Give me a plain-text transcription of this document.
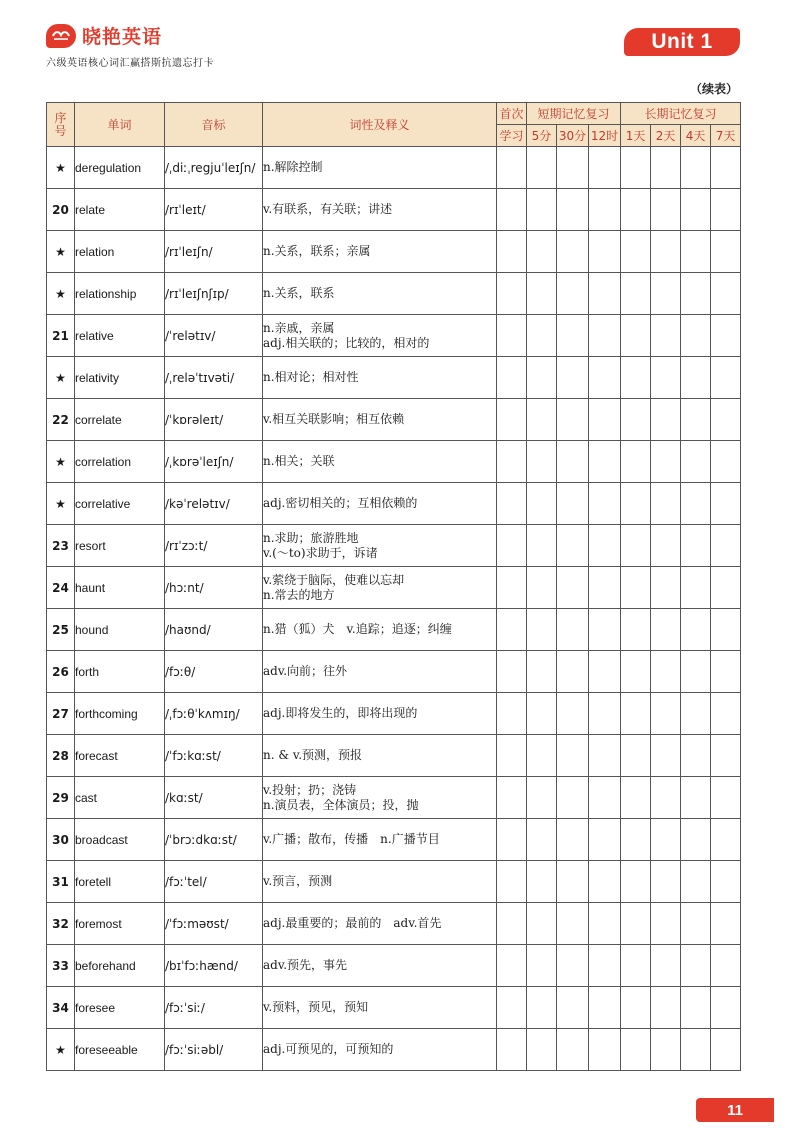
晓艳英语
六级英语核心词汇赢搭斯抗遗忘打卡
Unit 1
（续表）
序
号	单词	音标	词性及释义	首次	短期记忆复习			长期记忆复习			
				学习	5分	30分	12时	1天	2天	4天	7天
★	deregulation	/ˌdiːˌregjuˈleɪʃn/	n.解除控制								

20	relate	/rɪˈleɪt/	v.有联系，有关联；讲述								

★	relation	/rɪˈleɪʃn/	n.关系，联系；亲属								

★	relationship	/rɪˈleɪʃnʃɪp/	n.关系，联系								

21	relative	/ˈrelətɪv/	n.亲戚，亲属
adj.相关联的；比较的，相对的								

★	relativity	/ˌreləˈtɪvəti/	n.相对论；相对性								

22	correlate	/ˈkɒrəleɪt/	v.相互关联影响；相互依赖								

★	correlation	/ˌkɒrəˈleɪʃn/	n.相关；关联								

★	correlative	/kəˈrelətɪv/	adj.密切相关的；互相依赖的								

23	resort	/rɪˈzɔːt/	n.求助；旅游胜地
v.(～to)求助于，诉诸								

24	haunt	/hɔːnt/	v.萦绕于脑际，使难以忘却
n.常去的地方								

25	hound	/haʊnd/	n.猎（狐）犬　v.追踪；追逐；纠缠								

26	forth	/fɔːθ/	adv.向前；往外								

27	forthcoming	/ˌfɔːθˈkʌmɪŋ/	adj.即将发生的，即将出现的								

28	forecast	/ˈfɔːkɑːst/	n. & v.预测，预报								

29	cast	/kɑːst/	v.投射；扔；浇铸
n.演员表，全体演员；投，抛								

30	broadcast	/ˈbrɔːdkɑːst/	v.广播；散布，传播　n.广播节目								

31	foretell	/fɔːˈtel/	v.预言，预测								

32	foremost	/ˈfɔːməʊst/	adj.最重要的；最前的　adv.首先								

33	beforehand	/bɪˈfɔːhænd/	adv.预先，事先								

34	foresee	/fɔːˈsiː/	v.预料，预见，预知								

★	foreseeable	/fɔːˈsiːəbl/	adj.可预见的，可预知的								

11
